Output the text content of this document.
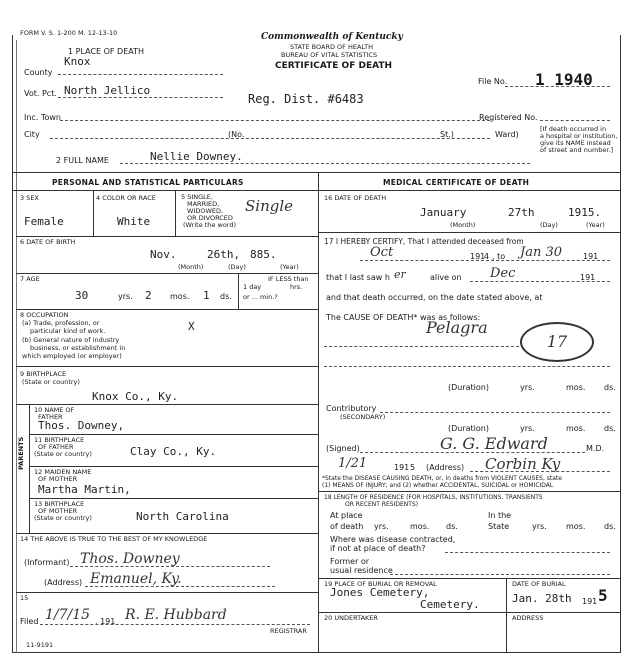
FORM V. S. 1-200 M. 12-13-10	Commonwealth of Kentucky
STATE BOARD OF HEALTH
BUREAU OF VITAL STATISTICS
CERTIFICATE OF DEATH
1 PLACE OF DEATH
County
Knox
Vot. Pct. North Jellico
Reg. Dist. #6483
File No. 1 1940
Inc. Town	Registered No.
City	(No.	St.)	Ward)
[If death occurred in
a hospital or institution,
give its NAME instead
of street and number.]
2 FULL NAME	Nellie Downey.
PERSONAL AND STATISTICAL PARTICULARS	MEDICAL CERTIFICATE OF DEATH
3 SEX
Female
4 COLOR OR RACE
White
5 SINGLE,
MARRIED,
WIDOWED,
OR DIVORCED
(Write the word)
Single
6 DATE OF BIRTH
Nov.	26th, 885.
(Month)	(Day)	(Year)
7 AGE
30	yrs. 2 mos. 1 ds.
IF LESS than
1 day	hrs.
or ... min.?
8 OCCUPATION
(a) Trade, profession, or
particular kind of work.
(b) General nature of industry
business, or establishment in
which employed (or employer)
X
9 BIRTHPLACE
(State or country)
Knox Co., Ky.
PARENTS
10 NAME OF
FATHER
Thos. Downey,
11 BIRTHPLACE
OF FATHER
(State or country)	Clay Co., Ky.
12 MAIDEN NAME
OF MOTHER
Martha Martin,
13 BIRTHPLACE
OF MOTHER
(State or country)	North Carolina
14 THE ABOVE IS TRUE TO THE BEST OF MY KNOWLEDGE
(Informant) Thos. Downey
(Address) Emanuel, Ky.
15
Filed 1/7/15 , 191 R. E. Hubbard
REGISTRAR
11-9191
16 DATE OF DEATH
January	27th	1915.
(Month)	(Day)	(Year)
17 I HEREBY CERTIFY, That I attended deceased from
Oct	191
4 , to Jan 30	191
that I last saw h er	alive on Dec	191
and that death occurred, on the date stated above, at
The CAUSE OF DEATH* was as follows:
Pelagra
17
(Duration)	yrs.	mos. ds.
Contributory
(SECONDARY)
(Duration)	yrs.	mos. ds.
(Signed)	G. G. Edward	M.D.
1/21	191 5 (Address) Corbin Ky
*State the DISEASE CAUSING DEATH, or, in deaths from VIOLENT CAUSES, state
(1) MEANS OF INJURY; and (2) whether ACCIDENTAL, SUICIDAL or HOMICIDAL
18 LENGTH OF RESIDENCE (FOR HOSPITALS, INSTITUTIONS, TRANSIENTS
OR RECENT RESIDENTS)
At place
of death yrs.	mos. ds.
In the
State	yrs. mos. ds.
Where was disease contracted,
if not at place of death?
Former or
usual residence
19 PLACE OF BURIAL OR REMOVAL
Jones Cemetery,
Cemetery.
DATE OF BURIAL
Jan. 28th 191 5
20 UNDERTAKER	ADDRESS
